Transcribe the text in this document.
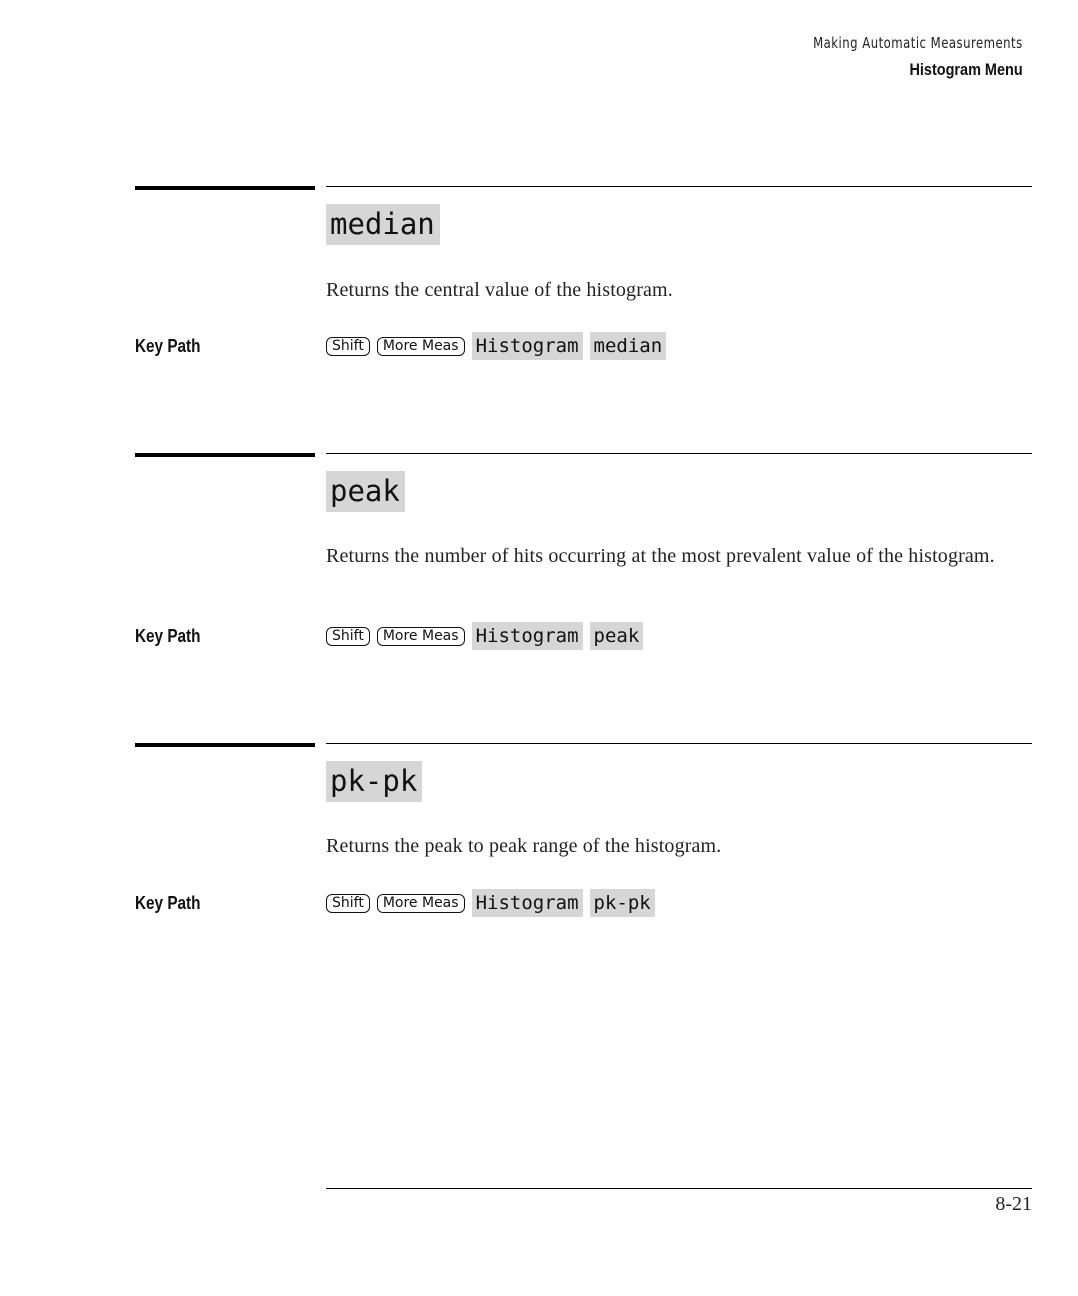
Making Automatic Measurements
Histogram Menu
median
Returns the central value of the histogram.
Key Path	Shift	More Meas Histogram median
peak
Returns the number of hits occurring at the most prevalent value of the histogram.
Key Path	Shift	More Meas Histogram peak
pk-pk
Returns the peak to peak range of the histogram.
Key Path	Shift	More Meas Histogram pk-pk
8-21
